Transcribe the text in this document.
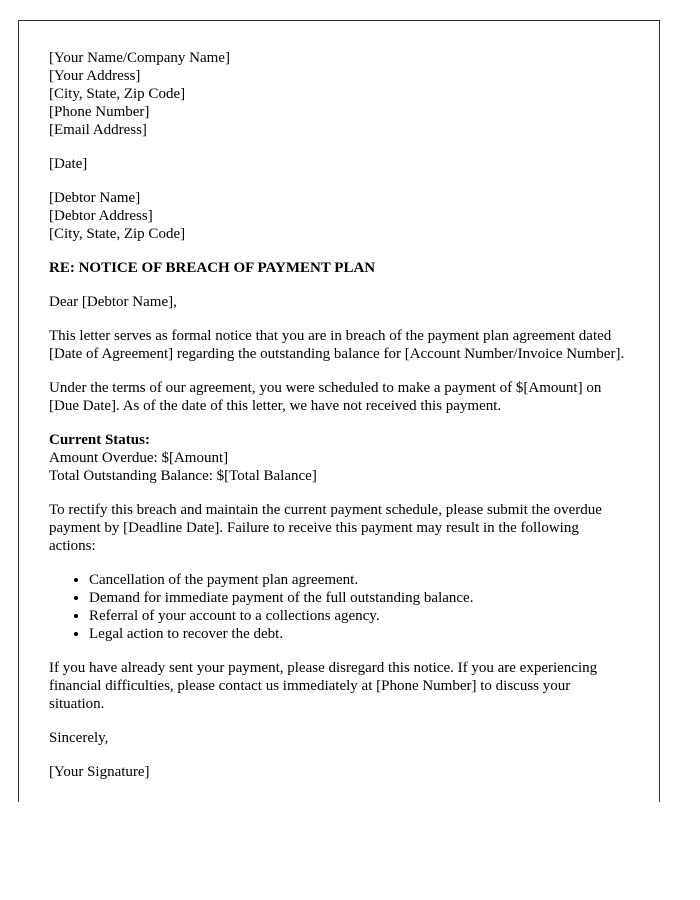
[Your Name/Company Name]
[Your Address]
[City, State, Zip Code]
[Phone Number]
[Email Address]
[Date]
[Debtor Name]
[Debtor Address]
[City, State, Zip Code]
RE: NOTICE OF BREACH OF PAYMENT PLAN

Dear [Debtor Name],

This letter serves as formal notice that you are in breach of the payment plan agreement dated [Date of Agreement] regarding the outstanding balance for [Account Number/Invoice Number].

Under the terms of our agreement, you were scheduled to make a payment of $[Amount] on [Due Date]. As of the date of this letter, we have not received this payment.

Current Status:
Amount Overdue: $[Amount]
Total Outstanding Balance: $[Total Balance]

To rectify this breach and maintain the current payment schedule, please submit the overdue payment by [Deadline Date]. Failure to receive this payment may result in the following actions:

• Cancellation of the payment plan agreement.
• Demand for immediate payment of the full outstanding balance.
• Referral of your account to a collections agency.
• Legal action to recover the debt.

If you have already sent your payment, please disregard this notice. If you are experiencing financial difficulties, please contact us immediately at [Phone Number] to discuss your situation.

Sincerely,

[Your Signature]
